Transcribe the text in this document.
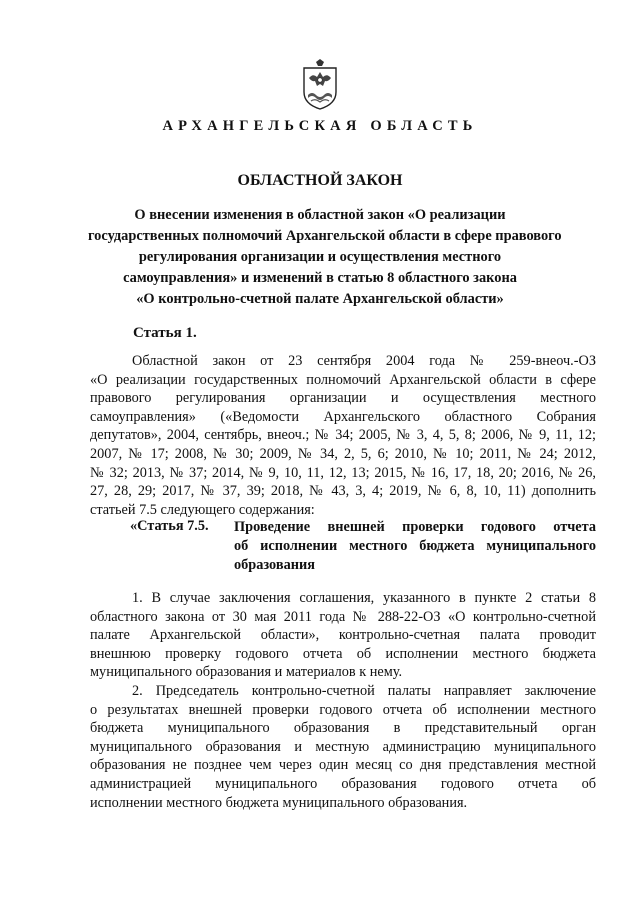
АРХАНГЕЛЬСКАЯ ОБЛАСТЬ
ОБЛАСТНОЙ ЗАКОН
О внесении изменения в областной закон «О реализации
государственных полномочий Архангельской области в сфере правового
регулирования организации и осуществления местного
самоуправления» и изменений в статью 8 областного закона
«О контрольно-счетной палате Архангельской области»
Статья 1.
Областной закон от 23 сентября 2004 года № 259-внеоч.-ОЗ
«О реализации государственных полномочий Архангельской области в сфере
правового регулирования организации и осуществления местного
самоуправления» («Ведомости Архангельского областного Собрания
депутатов», 2004, сентябрь, внеоч.; № 34; 2005, № 3, 4, 5, 8; 2006, № 9, 11, 12;
2007, № 17; 2008, № 30; 2009, № 34, 2, 5, 6; 2010, № 10; 2011, № 24; 2012,
№ 32; 2013, № 37; 2014, № 9, 10, 11, 12, 13; 2015, № 16, 17, 18, 20; 2016, № 26,
27, 28, 29; 2017, № 37, 39; 2018, № 43, 3, 4; 2019, № 6, 8, 10, 11) дополнить
статьей 7.5 следующего содержания:
«Статья 7.5. Проведение внешней проверки годового отчета
об исполнении местного бюджета муниципального
образования
1. В случае заключения соглашения, указанного в пункте 2 статьи 8
областного закона от 30 мая 2011 года № 288-22-ОЗ «О контрольно-счетной
палате Архангельской области», контрольно-счетная палата проводит
внешнюю проверку годового отчета об исполнении местного бюджета
муниципального образования и материалов к нему.
2. Председатель контрольно-счетной палаты направляет заключение
о результатах внешней проверки годового отчета об исполнении местного
бюджета муниципального образования в представительный орган
муниципального образования и местную администрацию муниципального
образования не позднее чем через один месяц со дня представления местной
администрацией муниципального образования годового отчета об
исполнении местного бюджета муниципального образования.
